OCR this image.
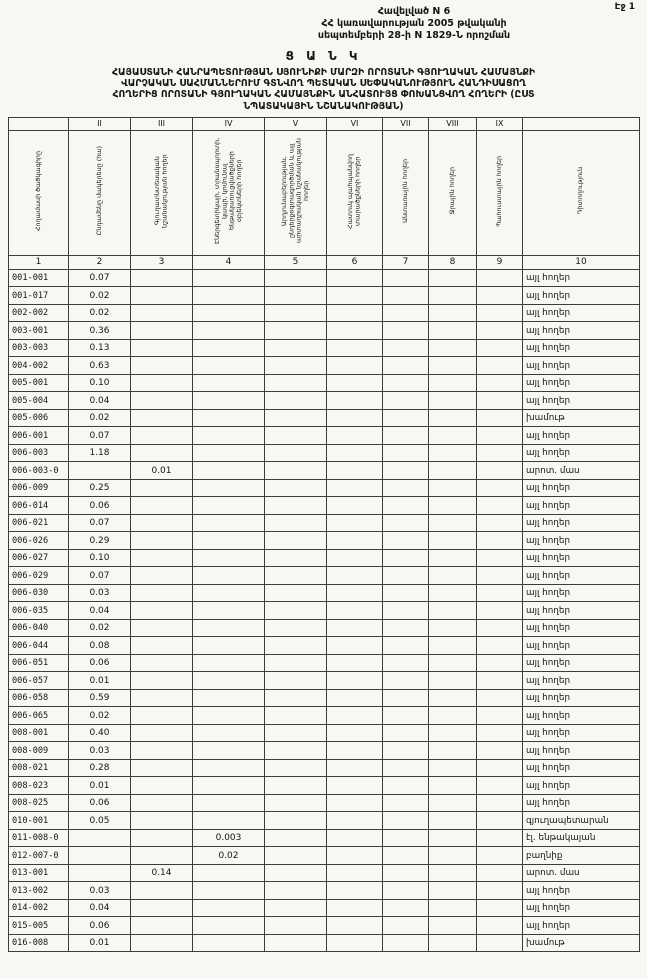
Էջ 1
Հավելված N 6
ՀՀ կառավարության 2005 թվականի
սեպտեմբերի 28-ի N 1829-Ն որոշման
Ց Ա Ն Կ
ՀԱՅԱՍՏԱՆԻ ՀԱՆՐԱՊԵՏՈՒԹՅԱՆ ՍՅՈՒՆԻՔԻ ՄԱՐԶԻ ՈՐՈՏԱՆԻ ԳՅՈՒՂԱԿԱՆ ՀԱՄԱՅՆՔԻ
ՎԱՐՉԱԿԱՆ ՍԱՀՄԱՆՆԵՐՈՒՄ ԳՏՆՎՈՂ ՊԵՏԱԿԱՆ ՍԵՓԱԿԱՆՈՒԹՅՈՒՆ ՀԱՆԴԻՍԱՑՈՂ
ՀՈՂԵՐԻՑ ՈՐՈՏԱՆԻ ԳՅՈՒՂԱԿԱՆ ՀԱՄԱՅՆՔԻՆ ԱՆՀԱՏՈՒՅՑ ՓՈԽԱՆՑՎՈՂ ՀՈՂԵՐԻ (ԸՍՏ
ՆՊԱՏԱԿԱՅԻՆ ՆՇԱՆԱԿՈՒԹՅԱՆ)
	II	III	IV	V	VI	VII	VIII	IX	
Հողամասի ծածկագիրը	Ընդամենը մակերեսը (հա)	Գյուղատնտեսական նշանակության հողեր	Էներգետիկայի, տրանսպորտի, կապի, կոմունալ ենթակառուցվածքների օբյեկտների հողեր	Արդյունաբերության, ընդերքօգտագործման և այլ արտադրական նշանակության հողեր	Հատուկ պահպանվող տարածքների հողեր	Անտառային հողեր	Ջրային հողեր	Պահուստային հողեր	Դիտողություն
1	2	3	4	5	6	7	8	9	10
001-001	0.07								այլ հողեր
001-017	0.02								այլ հողեր
002-002	0.02								այլ հողեր
003-001	0.36								այլ հողեր
003-003	0.13								այլ հողեր
004-002	0.63								այլ հողեր
005-001	0.10								այլ հողեր
005-004	0.04								այլ հողեր
005-006	0.02								խամութ
006-001	0.07								այլ հողեր
006-003	1.18								այլ հողեր
006-003-0		0.01							արոտ. մաս
006-009	0.25								այլ հողեր
006-014	0.06								այլ հողեր
006-021	0.07								այլ հողեր
006-026	0.29								այլ հողեր
006-027	0.10								այլ հողեր
006-029	0.07								այլ հողեր
006-030	0.03								այլ հողեր
006-035	0.04								այլ հողեր
006-040	0.02								այլ հողեր
006-044	0.08								այլ հողեր
006-051	0.06								այլ հողեր
006-057	0.01								այլ հողեր
006-058	0.59								այլ հողեր
006-065	0.02								այլ հողեր
008-001	0.40								այլ հողեր
008-009	0.03								այլ հողեր
008-021	0.28								այլ հողեր
008-023	0.01								այլ հողեր
008-025	0.06								այլ հողեր
010-001	0.05								գյուղապետարան
011-008-0			0.003						էլ. ենթակայան
012-007-0			0.02						բաղնիք
013-001		0.14							արոտ. մաս
013-002	0.03								այլ հողեր
014-002	0.04								այլ հողեր
015-005	0.06								այլ հողեր
016-008	0.01								խամութ
